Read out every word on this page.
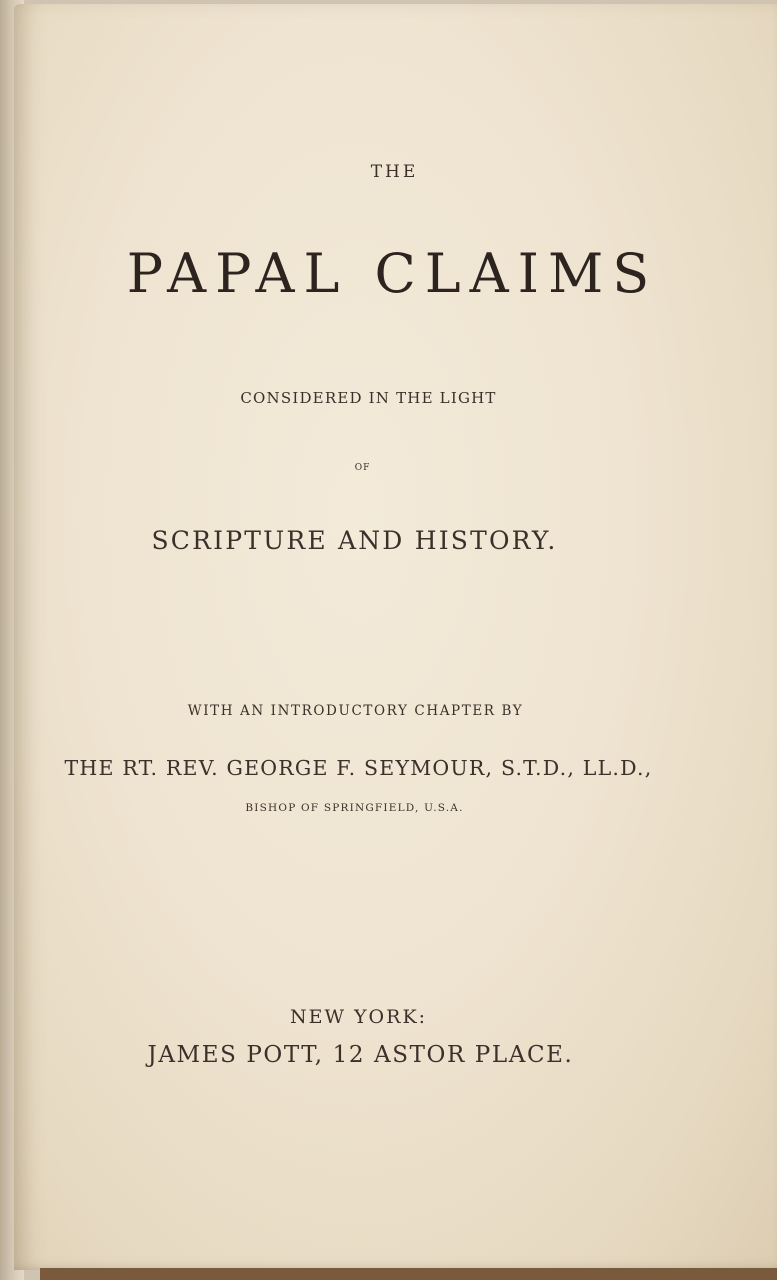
THE
PAPAL CLAIMS
CONSIDERED IN THE LIGHT
OF
SCRIPTURE AND HISTORY.
WITH AN INTRODUCTORY CHAPTER BY
THE RT. REV. GEORGE F. SEYMOUR, S.T.D., LL.D.,
BISHOP OF SPRINGFIELD, U.S.A.
NEW YORK:
JAMES POTT, 12 ASTOR PLACE.
